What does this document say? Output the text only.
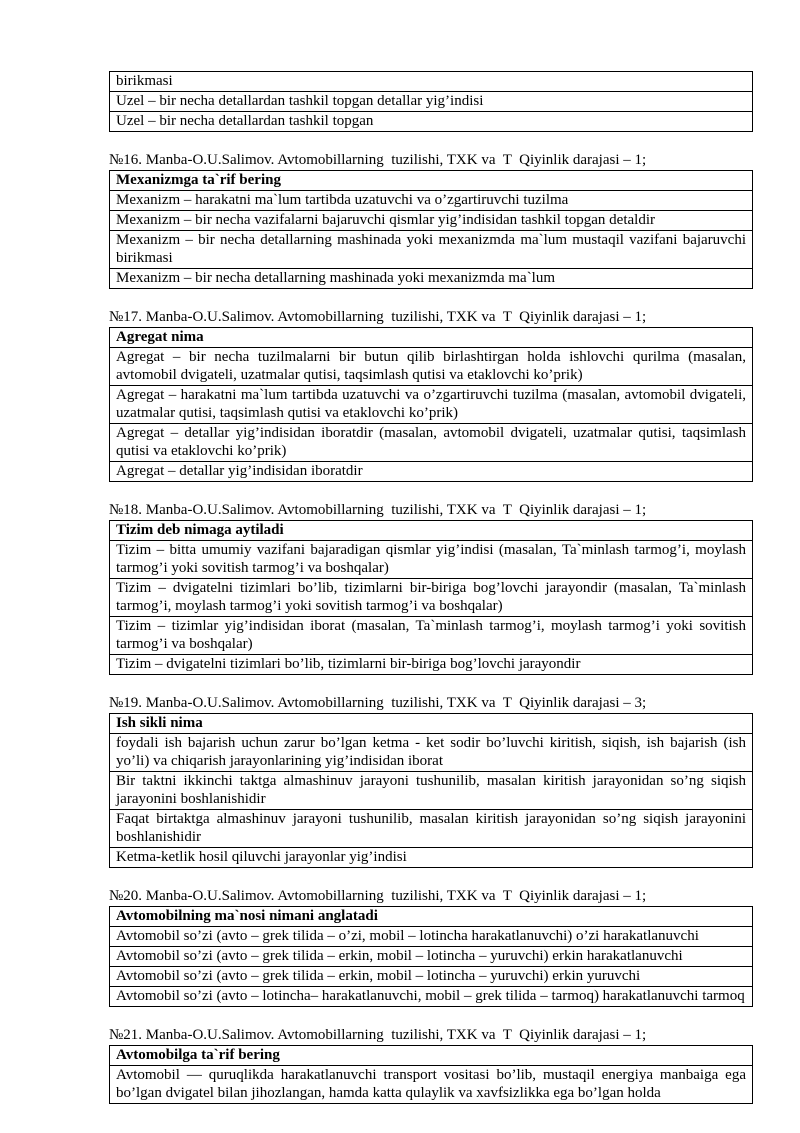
birikmasi
Uzel – bir necha detallardan tashkil topgan detallar yig’indisi
Uzel – bir necha detallardan tashkil topgan
№16. Manba-O.U.Salimov. Avtomobillarning  tuzilishi, TXK va  T  Qiyinlik darajasi – 1;
Mexanizmga ta`rif bering
Mexanizm – harakatni ma`lum tartibda uzatuvchi va o’zgartiruvchi tuzilma
Mexanizm – bir necha vazifalarni bajaruvchi qismlar yig’indisidan tashkil topgan detaldir
Mexanizm – bir necha detallarning mashinada yoki mexanizmda ma`lum mustaqil vazifani bajaruvchi birikmasi
Mexanizm – bir necha detallarning mashinada yoki mexanizmda ma`lum
№17. Manba-O.U.Salimov. Avtomobillarning  tuzilishi, TXK va  T  Qiyinlik darajasi – 1;
Agregat nima
Agregat – bir necha tuzilmalarni bir butun qilib birlashtirgan holda ishlovchi qurilma (masalan, avtomobil dvigateli, uzatmalar qutisi, taqsimlash qutisi va etaklovchi ko’prik)
Agregat – harakatni ma`lum tartibda uzatuvchi va o’zgartiruvchi tuzilma (masalan, avtomobil dvigateli, uzatmalar qutisi, taqsimlash qutisi va etaklovchi ko’prik)
Agregat – detallar yig’indisidan iboratdir (masalan, avtomobil dvigateli, uzatmalar qutisi, taqsimlash qutisi va etaklovchi ko’prik)
Agregat – detallar yig’indisidan iboratdir
№18. Manba-O.U.Salimov. Avtomobillarning  tuzilishi, TXK va  T  Qiyinlik darajasi – 1;
Tizim deb nimaga aytiladi
Tizim – bitta umumiy vazifani bajaradigan qismlar yig’indisi (masalan, Ta`minlash tarmog’i, moylash tarmog’i yoki sovitish tarmog’i va boshqalar)
Tizim – dvigatelni tizimlari bo’lib, tizimlarni bir-biriga bog’lovchi jarayondir (masalan, Ta`minlash tarmog’i, moylash tarmog’i yoki sovitish tarmog’i va boshqalar)
Tizim – tizimlar yig’indisidan iborat (masalan, Ta`minlash tarmog’i, moylash tarmog’i yoki sovitish tarmog’i va boshqalar)
Tizim – dvigatelni tizimlari bo’lib, tizimlarni bir-biriga bog’lovchi jarayondir
№19. Manba-O.U.Salimov. Avtomobillarning  tuzilishi, TXK va  T  Qiyinlik darajasi – 3;
Ish sikli nima
foydali ish bajarish uchun zarur bo’lgan ketma - ket sodir bo’luvchi kiritish, siqish, ish bajarish (ish yo’li) va chiqarish jarayonlarining yig’indisidan iborat
Bir taktni ikkinchi taktga almashinuv jarayoni tushunilib, masalan kiritish jarayonidan so’ng siqish jarayonini boshlanishidir
Faqat birtaktga almashinuv jarayoni tushunilib, masalan kiritish jarayonidan so’ng siqish jarayonini boshlanishidir
Ketma-ketlik hosil qiluvchi jarayonlar yig’indisi
№20. Manba-O.U.Salimov. Avtomobillarning  tuzilishi, TXK va  T  Qiyinlik darajasi – 1;
Avtomobilning ma`nosi nimani anglatadi
Avtomobil so’zi (avto – grek tilida – o’zi, mobil – lotincha harakatlanuvchi) o’zi harakatlanuvchi
Avtomobil so’zi (avto – grek tilida – erkin, mobil – lotincha – yuruvchi) erkin harakatlanuvchi
Avtomobil so’zi (avto – grek tilida – erkin, mobil – lotincha – yuruvchi) erkin yuruvchi
Avtomobil so’zi (avto – lotincha– harakatlanuvchi, mobil – grek tilida – tarmoq) harakatlanuvchi tarmoq
№21. Manba-O.U.Salimov. Avtomobillarning  tuzilishi, TXK va  T  Qiyinlik darajasi – 1;
Avtomobilga ta`rif bering
Avtomobil — quruqlikda harakatlanuvchi transport vositasi bo’lib, mustaqil energiya manbaiga ega bo’lgan dvigatel bilan jihozlangan, hamda katta qulaylik va xavfsizlikka ega bo’lgan holda
